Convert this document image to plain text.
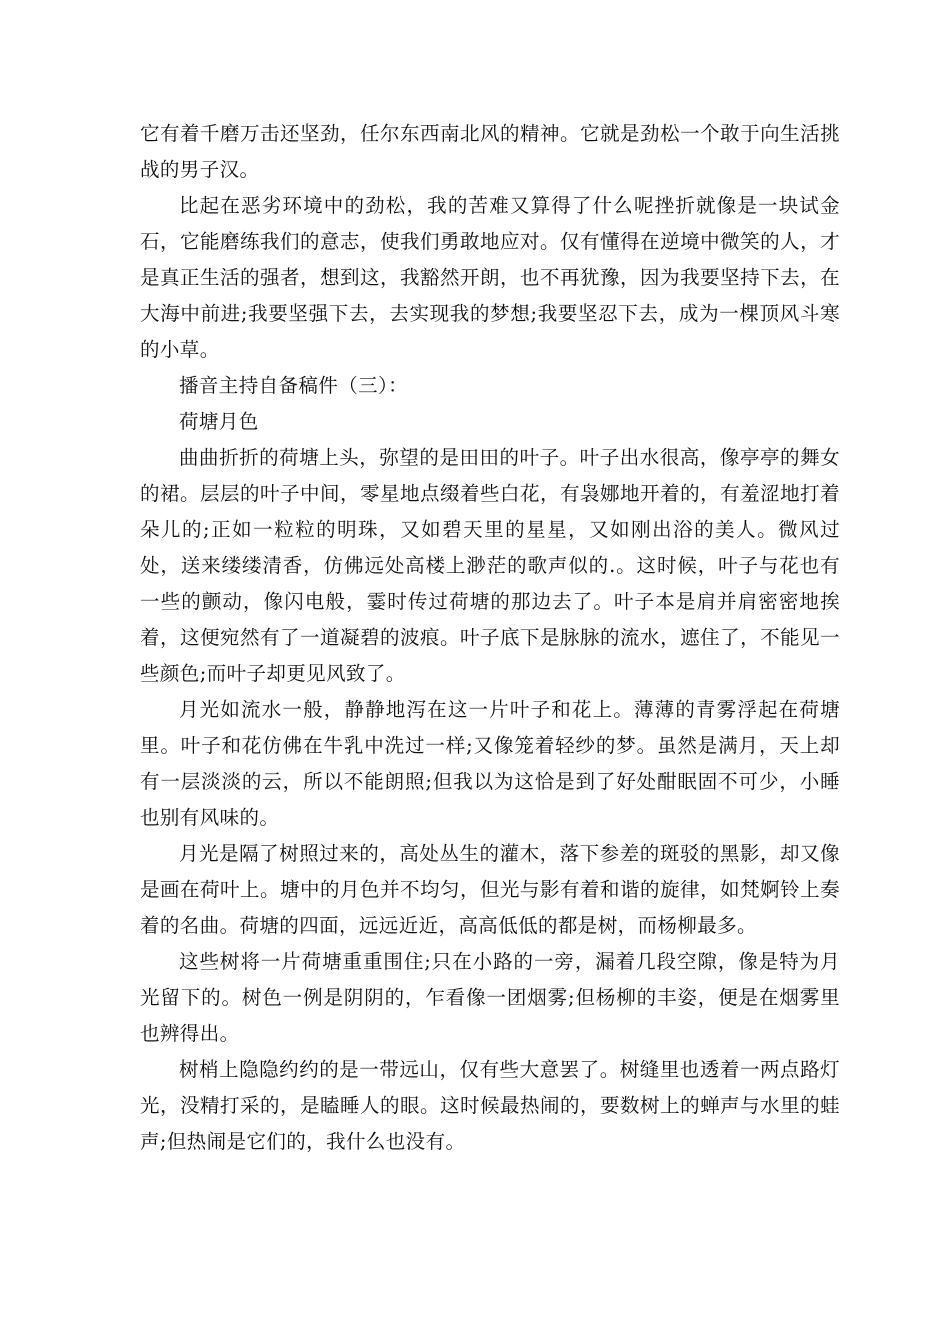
它有着千磨万击还坚劲，任尔东西南北风的精神。它就是劲松一个敢于向生活挑战的男子汉。

比起在恶劣环境中的劲松，我的苦难又算得了什么呢挫折就像是一块试金石，它能磨练我们的意志，使我们勇敢地应对。仅有懂得在逆境中微笑的人，才是真正生活的强者，想到这，我豁然开朗，也不再犹豫，因为我要坚持下去，在大海中前进;我要坚强下去，去实现我的梦想;我要坚忍下去，成为一棵顶风斗寒的小草。

播音主持自备稿件（三）：

荷塘月色

曲曲折折的荷塘上头，弥望的是田田的叶子。叶子出水很高，像亭亭的舞女的裙。层层的叶子中间，零星地点缀着些白花，有袅娜地开着的，有羞涩地打着朵儿的;正如一粒粒的明珠，又如碧天里的星星，又如刚出浴的美人。微风过处，送来缕缕清香，仿佛远处高楼上渺茫的歌声似的.。这时候，叶子与花也有一些的颤动，像闪电般，霎时传过荷塘的那边去了。叶子本是肩并肩密密地挨着，这便宛然有了一道凝碧的波痕。叶子底下是脉脉的流水，遮住了，不能见一些颜色;而叶子却更见风致了。

月光如流水一般，静静地泻在这一片叶子和花上。薄薄的青雾浮起在荷塘里。叶子和花仿佛在牛乳中洗过一样;又像笼着轻纱的梦。虽然是满月，天上却有一层淡淡的云，所以不能朗照;但我以为这恰是到了好处酣眠固不可少，小睡也别有风味的。

月光是隔了树照过来的，高处丛生的灌木，落下参差的斑驳的黑影，却又像是画在荷叶上。塘中的月色并不均匀，但光与影有着和谐的旋律，如梵婀铃上奏着的名曲。荷塘的四面，远远近近，高高低低的都是树，而杨柳最多。

这些树将一片荷塘重重围住;只在小路的一旁，漏着几段空隙，像是特为月光留下的。树色一例是阴阴的，乍看像一团烟雾;但杨柳的丰姿，便是在烟雾里也辨得出。

树梢上隐隐约约的是一带远山，仅有些大意罢了。树缝里也透着一两点路灯光，没精打采的，是瞌睡人的眼。这时候最热闹的，要数树上的蝉声与水里的蛙声;但热闹是它们的，我什么也没有。
